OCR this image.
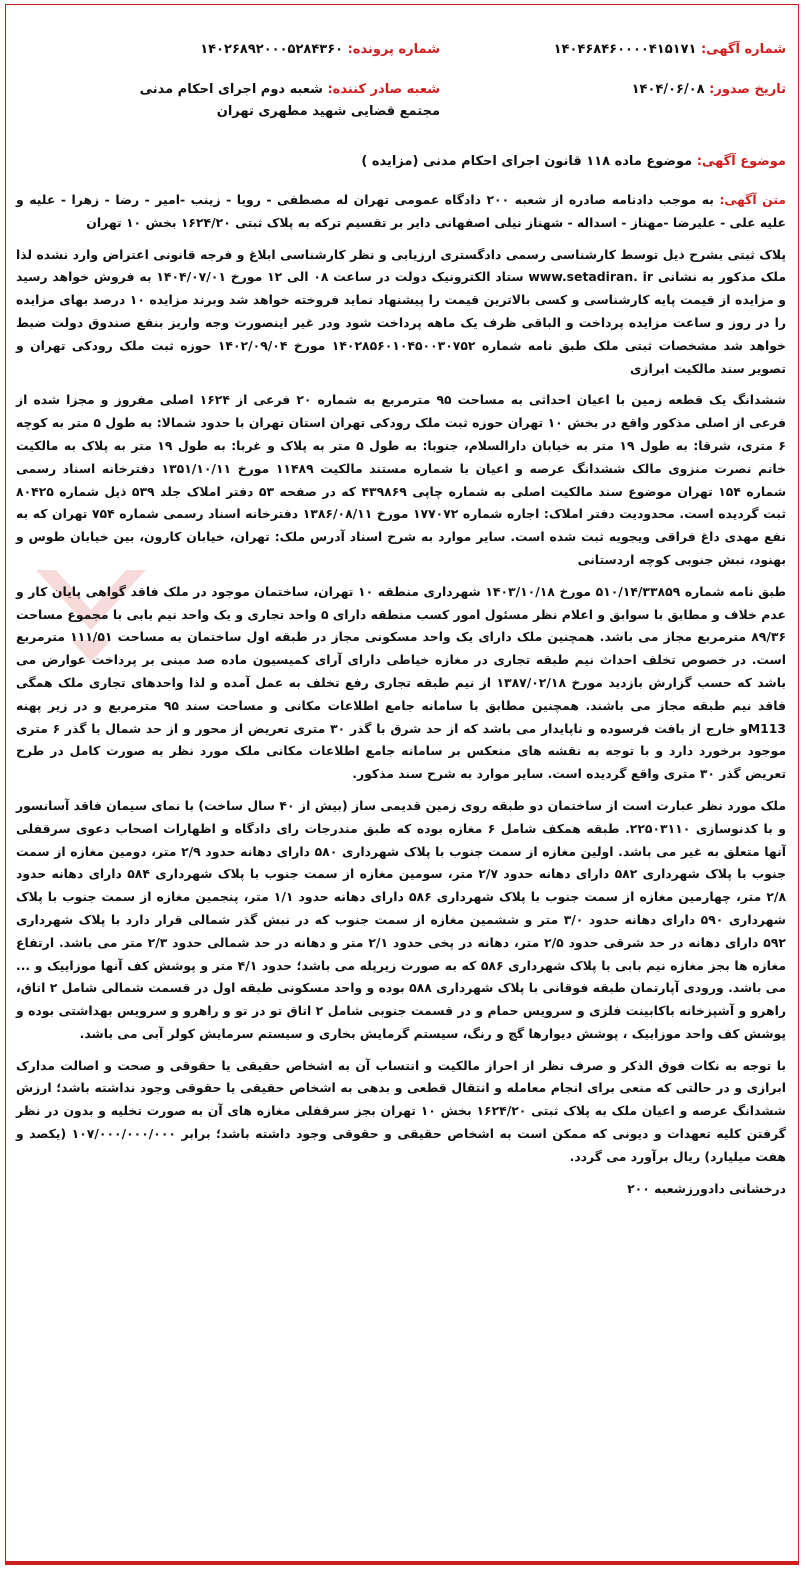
شماره آگهی: ۱۴۰۴۶۸۴۶۰۰۰۰۴۱۵۱۷۱
شماره پرونده: ۱۴۰۲۶۸۹۲۰۰۰۵۲۸۴۳۶۰
تاریخ صدور: ۱۴۰۴/۰۶/۰۸
شعبه صادر کننده: شعبه دوم اجرای احکام مدنی مجتمع قضایی شهید مطهری تهران
موضوع آگهی: موضوع ماده ۱۱۸ قانون اجرای احکام مدنی (مزایده )

متن آگهی: به موجب دادنامه صادره از شعبه ۲۰۰ دادگاه عمومی تهران له مصطفی - رویا - زینب -امیر - رضا - زهرا - علیه و علیه علی - علیرضا -مهناز - اسداله - شهناز نیلی اصفهانی دایر بر تقسیم ترکه به پلاک ثبتی ۱۶۲۴/۲۰ بخش ۱۰ تهران

پلاک ثبتی بشرح ذیل توسط کارشناسی رسمی دادگستری ارزیابی و نظر کارشناسی ابلاغ و فرجه قانونی اعتراض وارد نشده لذا ملک مذکور به نشانی www.setadiran. ir ستاد الکترونیک دولت در ساعت ۰۸ الی ۱۲ مورخ ۱۴۰۴/۰۷/۰۱ به فروش خواهد رسید و مزایده از قیمت پایه کارشناسی و کسی بالاترین قیمت را پیشنهاد نماید فروخته خواهد شد وبرند مزایده ۱۰ درصد بهای مزایده را در روز و ساعت مزایده پرداخت و الباقی ظرف یک ماهه پرداخت شود ودر غیر اینصورت وجه واریز بنفع صندوق دولت ضبط خواهد شد مشخصات ثبتی ملک طبق نامه شماره ۱۴۰۲۸۵۶۰۱۰۴۵۰۰۳۰۷۵۲ مورخ ۱۴۰۲/۰۹/۰۴ حوزه ثبت ملک رودکی تهران و تصویر سند مالکیت ابرازی

ششدانگ یک قطعه زمین با اعیان احداثی به مساحت ۹۵ مترمربع به شماره ۲۰ فرعی از ۱۶۲۴ اصلی مفروز و مجزا شده از فرعی از اصلی مذکور واقع در بخش ۱۰ تهران حوزه ثبت ملک رودکی تهران استان تهران با حدود شمالا: به طول ۵ متر به کوچه ۶ متری، شرقا: به طول ۱۹ متر به خیابان دارالسلام، جنوبا: به طول ۵ متر به پلاک و غربا: به طول ۱۹ متر به پلاک به مالکیت خانم نصرت منزوی مالک ششدانگ عرصه و اعیان با شماره مستند مالکیت ۱۱۴۸۹ مورخ ۱۳۵۱/۱۰/۱۱ دفترخانه اسناد رسمی شماره ۱۵۴ تهران موضوع سند مالکیت اصلی به شماره چاپی ۴۳۹۸۶۹ که در صفحه ۵۳ دفتر املاک جلد ۵۳۹ ذیل شماره ۸۰۴۲۵ ثبت گردیده است. محدودیت دفتر املاک: اجاره شماره ۱۷۷۰۷۲ مورخ ۱۳۸۶/۰۸/۱۱ دفترخانه اسناد رسمی شماره ۷۵۴ تهران که به نفع مهدی داغ فراقی ویجویه ثبت شده است. سایر موارد به شرح اسناد آدرس ملک: تهران، خیابان کارون، بین خیابان طوس و بهنود، نبش جنوبی کوچه اردستانی

طبق نامه شماره ۵۱۰/۱۴/۳۳۸۵۹ مورخ ۱۴۰۳/۱۰/۱۸ شهرداری منطقه ۱۰ تهران، ساختمان موجود در ملک فاقد گواهی پایان کار و عدم خلاف و مطابق با سوابق و اعلام نظر مسئول امور کسب منطقه دارای ۵ واحد تجاری و یک واحد نیم بابی با مجموع مساحت ۸۹/۳۶ مترمربع مجاز می باشد. همچنین ملک دارای یک واحد مسکونی مجاز در طبقه اول ساختمان به مساحت ۱۱۱/۵۱ مترمربع است. در خصوص تخلف احداث نیم طبقه تجاری در مغازه خیاطی دارای آرای کمیسیون ماده صد مبنی بر پرداخت عوارض می باشد که حسب گزارش بازدید مورخ ۱۳۸۷/۰۲/۱۸ از نیم طبقه تجاری رفع تخلف به عمل آمده و لذا واحدهای تجاری ملک همگی فاقد نیم طبقه مجاز می باشند. همچنین مطابق با سامانه جامع اطلاعات مکانی و مساحت سند ۹۵ مترمربع و در زیر پهنه M113و خارج از بافت فرسوده و ناپایدار می باشد که از حد شرق با گذر ۳۰ متری تعریض از محور و از حد شمال با گذر ۶ متری موجود برخورد دارد و با توجه به نقشه های منعکس بر سامانه جامع اطلاعات مکانی ملک مورد نظر به صورت کامل در طرح تعریض گذر ۳۰ متری واقع گردیده است. سایر موارد به شرح سند مذکور.

ملک مورد نظر عبارت است از ساختمان دو طبقه روی زمین قدیمی ساز (بیش از ۴۰ سال ساخت) با نمای سیمان فاقد آسانسور و با کدنوسازی ۲۲۵۰۳۱۱۰. طبقه همکف شامل ۶ مغازه بوده که طبق مندرجات رای دادگاه و اظهارات اصحاب دعوی سرقفلی آنها متعلق به غیر می باشد. اولین مغازه از سمت جنوب با پلاک شهرداری ۵۸۰ دارای دهانه حدود ۲/۹ متر، دومین مغازه از سمت جنوب با پلاک شهرداری ۵۸۲ دارای دهانه حدود ۲/۷ متر، سومین مغازه از سمت جنوب با پلاک شهرداری ۵۸۴ دارای دهانه حدود ۲/۸ متر، چهارمین مغازه از سمت جنوب با پلاک شهرداری ۵۸۶ دارای دهانه حدود ۱/۱ متر، پنجمین مغازه از سمت جنوب با پلاک شهرداری ۵۹۰ دارای دهانه حدود ۳/۰ متر و ششمین مغازه از سمت جنوب که در نبش گذر شمالی قرار دارد با پلاک شهرداری ۵۹۲ دارای دهانه در حد شرقی حدود ۲/۵ متر، دهانه در پخی حدود ۲/۱ متر و دهانه در حد شمالی حدود ۲/۳ متر می باشد. ارتفاع مغازه ها بجز مغازه نیم بابی با پلاک شهرداری ۵۸۶ که به صورت زیرپله می باشد؛ حدود ۴/۱ متر و پوشش کف آنها موزاییک و ... می باشد. ورودی آپارتمان طبقه فوقانی با پلاک شهرداری ۵۸۸ بوده و واحد مسکونی طبقه اول در قسمت شمالی شامل ۲ اتاق، راهرو و آشپزخانه باکابینت فلزی و سرویس حمام و در قسمت جنوبی شامل ۲ اتاق تو در تو و راهرو و سرویس بهداشتی بوده و پوشش کف واحد موزاییک ، پوشش دیوارها گچ و رنگ، سیستم گرمایش بخاری و سیستم سرمایش کولر آبی می باشد.

با توجه به نکات فوق الذکر و صرف نظر از احراز مالکیت و انتساب آن به اشخاص حقیقی یا حقوقی و صحت و اصالت مدارک ابرازی و در حالتی که منعی برای انجام معامله و انتقال قطعی و بدهی به اشخاص حقیقی یا حقوقی وجود نداشته باشد؛ ارزش ششدانگ عرصه و اعیان ملک به پلاک ثبتی ۱۶۲۴/۲۰ بخش ۱۰ تهران بجز سرقفلی مغازه های آن به صورت تخلیه و بدون در نظر گرفتن کلیه تعهدات و دیونی که ممکن است به اشخاص حقیقی و حقوقی وجود داشته باشد؛ برابر ۱۰۷/۰۰۰/۰۰۰/۰۰۰ (یکصد و هفت میلیارد) ریال برآورد می گردد.

درخشانی دادورزشعبه ۲۰۰
